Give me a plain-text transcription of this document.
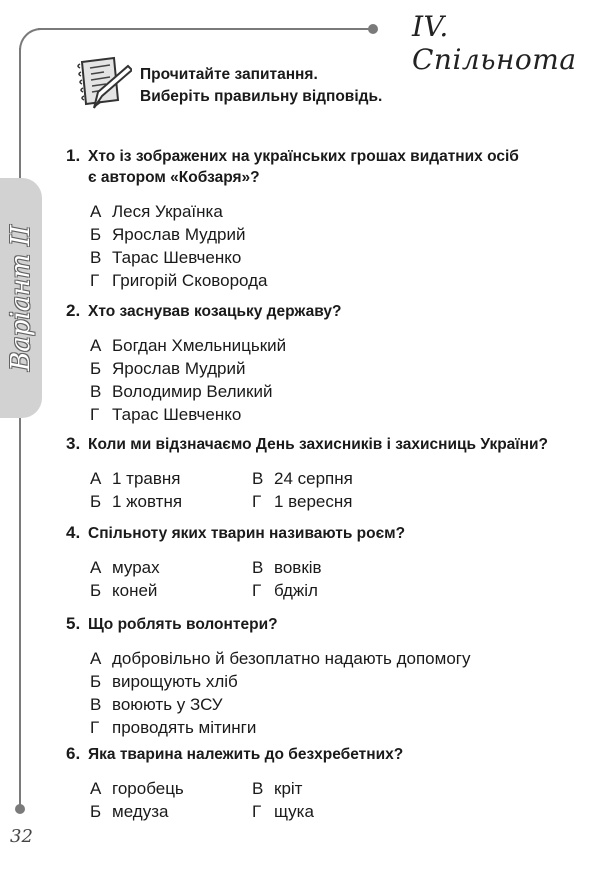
IV. Спільнота
Варіант ІІ
Прочитайте запитання.
Виберіть правильну відповідь.
1. Хто із зображених на українських грошах видатних осіб
є автором «Кобзаря»?
А Леся Українка
Б Ярослав Мудрий
В Тарас Шевченко
Г Григорій Сковорода
2. Хто заснував козацьку державу?
А Богдан Хмельницький
Б Ярослав Мудрий
В Володимир Великий
Г Тарас Шевченко
3. Коли ми відзначаємо День захисників і захисниць України?
А 1 травня	В 24 серпня
Б 1 жовтня	Г 1 вересня
4. Спільноту яких тварин називають роєм?
А мурах	В вовків
Б коней	Г бджіл
5. Що роблять волонтери?
А добровільно й безоплатно надають допомогу
Б вирощують хліб
В воюють у ЗСУ
Г проводять мітинги
6. Яка тварина належить до безхребетних?
А горобець	В кріт
Б медуза	Г щука
32
